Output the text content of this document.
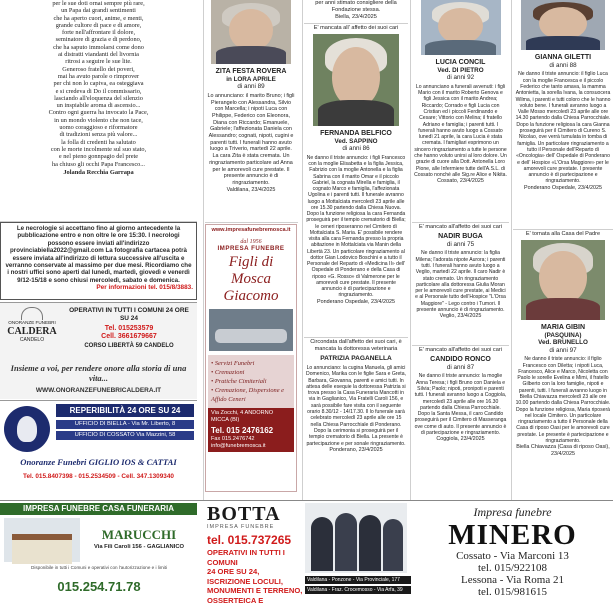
per le sue doti ornai sempre più rare,

un Papa dai grandi sentimenti

che ha aperto cuori, anime, e menti,

grande cultore di pace e di amore,

forte nell'affrontare il dolore,

seminatore di grazia e di perdono,

che ha saputo immolarsi come dono

ai distratti viandanti del livornia

ritrosi a seguire le sue lite.

Generoso fratello dei poveri,

mai ha avuto parole o rimprover

per chi non lo capiva, ea osteggiava

e si credeva di Do il commissario,

lasciando all'eloquenza del silenzio

un inspiabile aroma di ascensio...

Contro ogni guerra ha invocato la Pace,

in un mondo violento che non tace,

uomo coraggioso e riformatore

di tradizioni senza più valore...

la folla di credenti ha salutato

con le morte incolmente sul suo stato,

e nel pieno gonnpagio del prete

ha chiuso gli occhi Papa Francesco...

Jolanda Recchia Garrapa

Le necrologie si accettano fino al giorno antecedente la pubblicazione entro e non oltre le ore 15:30. I necrologi possono essere inviati all'indirizzo provinciabiella2022@gmail.com La fotografia cartacea potrà essere inviata all'indirizzo di lettura successive all'uscita e verranno conservate al massimo per due mesi. Ricordiamo che i nostri uffici sono aperti dal lunedì, martedì, giovedì e venerdì 9/12-15/18 e sono chiusi mercoledì, sabato e domenica.

Per informazioni tel. 015/8/3883.

ONORANZE FUNEBRI
CALDERA
CANDELO
OPERATIVI IN TUTTI I COMUNI 24 ORE SU 24
Tel. 015253579
Cell. 3661679667
CORSO LIBERTÀ 59 CANDELO
Insieme a voi, per rendere onore alla storia di una vita...
WWW.ONORANZEFUNEBRICALDERA.IT
REPERIBILITÀ 24 ORE SU 24
UFFICIO DI BIELLA - Via Mr. Liberto, 8
UFFICIO DI COSSATO Via Mazzini, 58
Onoranze Funebri GIGLIO IOS & CATTAI
Tel. 015.8407398 - 015.2534509 - Cell. 347.1309340

ZITA FESTA ROVERA

in LORA APRILE

di anni 89

Lo annunciano: il marito Bruno; i figli Pierangelo con Alessandra, Silvio con Marcella; i nipoti Luca con Philippe, Federico con Eleonora, Diana con Riccardo; Emanuele, Gabriele; l'affezionata Daniela con Alessandro; cognati, nipoti, cugini e parenti tutti. I funerali hanno avuto luogo a Triverio, martedì 22 aprile. La cara Zita è stata cremata. Un ringraziamento particolare ad Anna per le amorevoli cure prestate. Il presente annuncio è di ringraziamento.

Valdilana, 23/4/2025

www.impresafunebremosca.it
dal 1956
IMPRESA FUNEBRE
Figli di Mosca Giacomo
• Servizi Funebri
• Cremazioni
• Pratiche Cimiteriali
• Cremazione, Dispersione e Affido Ceneri
Via Zocchi, 4 ANDORNO MICCA (BI)
Tel. 015 2476162
Fax 015.2476742
info@funebremosca.it

per anni stimato consigliere della

Fondazione stessa.

Biella, 23/4/2025

E' mancata all' affetto dei suoi cari

FERNANDA BELFICO

Ved. SAPPINO

di anni 86

Ne danno il triste annuncio: i figli Francesco con la moglie Elisabetta e la figlia Jessica, Fabrizio con la moglie Antonella e la figlia Sabrina con il marito Omar e il piccolo Gabriel, la cognata Mirella e famiglia, il cognato Marco e famiglia, l'affezionata Ugolina e i parenti tutti. Il funerale avranno luogo a Mottalciata mercoledì 23 aprile alle ore 15.30 partendo dalla Chiesa Nuova. Dopo la funzione religiosa la cara Fernanda proseguirà per il tempio crematorio di Biella; le ceneri riposeranno nel Cimitero di Mottalciata S. Maria. E' possibile rendere visita alla cara Fernanda presso la propria abitazione in Mottalciata via Manin della Libertà 23. Un particolare ringraziamento al dottor Gian Lodovico Boschini e a tutto il Personale del Reparto di «Medicina II» dell' Ospedale di Ponderano e della Casa di riposo «G. Rosso» di Valmerone per le amorevoli cure prestate. Il presente annuncio è di partecipazione e ringraziamento.

Ponderano Ospedale, 23/4/2025

Circondata dall'affetto dei suoi cari, è mancata la dottoressa veterinaria

PATRIZIA PAGANELLA

Lo annunciano: la cugina Manuela, gli amici Domenico, Marika con le figlie Sara e Greta, Barbara, Giovanna, parenti e amici tutti. In attesa delle esequie la dottoressa Patrizia si trova presso la Casa Funeraria Mancotti in via in Gaglianico, Via Fratelli Caroli 156, e sarà possibile fare visita con il seguente orario 8.30/12 - 14/17.30. Il lo funerale sarà celebrato mercoledì 23 aprile alle ore 15 nella Chiesa Parrocchiale di Ponderano. Dopo la cerimonia si proseguirà per il tempio crematorio di Biella. La presente è partecipazione e per sonale ringraziamento.

Ponderano, 23/4/2025

LUCIA CONCIL

Ved. DI PIETRO

di anni 92

Lo annunciano a funerali avvenuti: i figli Mario con il marito Roberto Genova e figli Jessica con il marito Andrea; Riccardo; Corrado e figli Lucia con Cristian ed i piccoli Ferdinando e Cesare; Vittorio con Melina; il fratello Adriano e famiglia; i parenti tutti. I funerali hanno avuto luogo a Cossato lunedì 21 aprile, la cara Lucia è stata cremata. I famigliari esprimono un sincero ringraziamento a tutte le persone che hanno voluto unirsi al loro dolore. Un grazie di cuore alla Dott. Antonella Loro Pione, alle Infermiere tutte dell'A.S.L. di Cossato nonché alle Sig.re Alice e Nikita.

Cossato, 23/4/2025

E' mancato all'affetto dei suoi cari

NADIR BUGA

di anni 75

Ne danno il triste annuncio: la figlia Milena; l'adorata nipote Aurora; i parenti tutti. I funerali hanno avuto luogo a Veglio, martedì 22 aprile. Il caro Nadir è stato cremato. Un ringraziamento particolare alla dottoressa Giulia Moran per le amorevoli cure prestate, ai Medici e al Personale tutto dell'Hospice "L'Orsa Maggiore" - Lego contro i Tumori. Il presente annuncio è di ringraziamento.

Veglio, 23/4/2025

E' mancato all'affetto dei suoi cari

CANDIDO RONCO

di anni 87

Ne danno il triste annuncio: la moglie Anna Teresa; i figli Bruno con Daniela e Silvia; Paolo; nipoti, pronipoti e parenti tutti. I funerali avranno luogo a Coggiola, mercoledì 23 aprile alle ore 16.30 partendo dalla Chiesa Parrocchiale. Dopo la Santa Messa, il caro Candido proseguirà per il Cimitero di Masseranga ove come di auto. Il presente annuncio è di partecipazione e ringraziamento.

Coggiola, 23/4/2025

GIANNA GILETTI

di anni 88

Ne danno il triste annuncio: il figlio Luca con la moglie Francesca e il piccolo Federico che tanto amava, la mamma Antonietta, la sorella Ivana, la consuocera Wilma, i parenti e tutti coloro che le hanno voluto bene. I funerali avranno luogo a Valle Mosso mercoledì 23 aprile alle ore 14.30 partendo dalla Chiesa Parrocchiale. Dopo la funzione religiosa la cara Gianna proseguirà per il Cimitero di Cureno S. Nicolao, ove verrà tumulata in tomba di famiglia. Un particolare ringraziamento a tutto il Personale dell'Reparto di «Oncologia» dell' Ospedale di Ponderano e dell' Hospice «L'Orsa Maggiore» per le amorevoli cure prestate. I presente annuncio è di partecipazione e ringraziamento.

Ponderano Ospedale, 23/4/2025

E' tornata alla Casa del Padre

MARIA GIBIN

(PASQUINA)

Ved. BRUNELLO

di anni 97

Ne danno il triste annuncio: il figlio Francesco con Diletta; i nipoti Luca, Francesco, Alice e Marco, Nicoletta con Paolo le sorelle Evelina e Mimi, il fratello Gilberto con la loro famiglie, nipoti e parenti, tutti. I funerali avranno luogo in Biella Chiavazza mercoledì 23 alle ore 10.00 partendo dalla Chiesa Parrocchiale. Dopo la funzione religiosa, Maria riposerà nel locale Cimitero. Un particolare ringraziamento a tutto il Personale della Casa di riposo Oasi per le amorevoli cure prestate. Le presente è partecipazione e ringraziamento.

Biella Chiavazza (Casa di riposo Oasi), 23/4/2025

IMPRESA FUNEBRE CASA FUNERARIA
MARUCCHI
Via Fili Caroli 156 - GAGLIANICO
Disponibile in tutti i Comuni e operativi con l'autorizzazione e i limiti
015.254.71.78
BOTTA
IMPRESA FUNEBRE
tel. 015.737265
OPERATIVI IN TUTTI I COMUNI
24 ORE SU 24,
ISCRIZIONE LOCULI,
MONUMENTI E TERRENO,
OSSERTEICA E
Valdilana - Ponzone - Via Provinciale, 177
Valdilana - Fraz. Crocemosso - Via Arfa, 39
Impresa funebre
MINERO
Cossato - Via Marconi 13
tel. 015/922108
Lessona - Via Roma 21
tel. 015/981615
